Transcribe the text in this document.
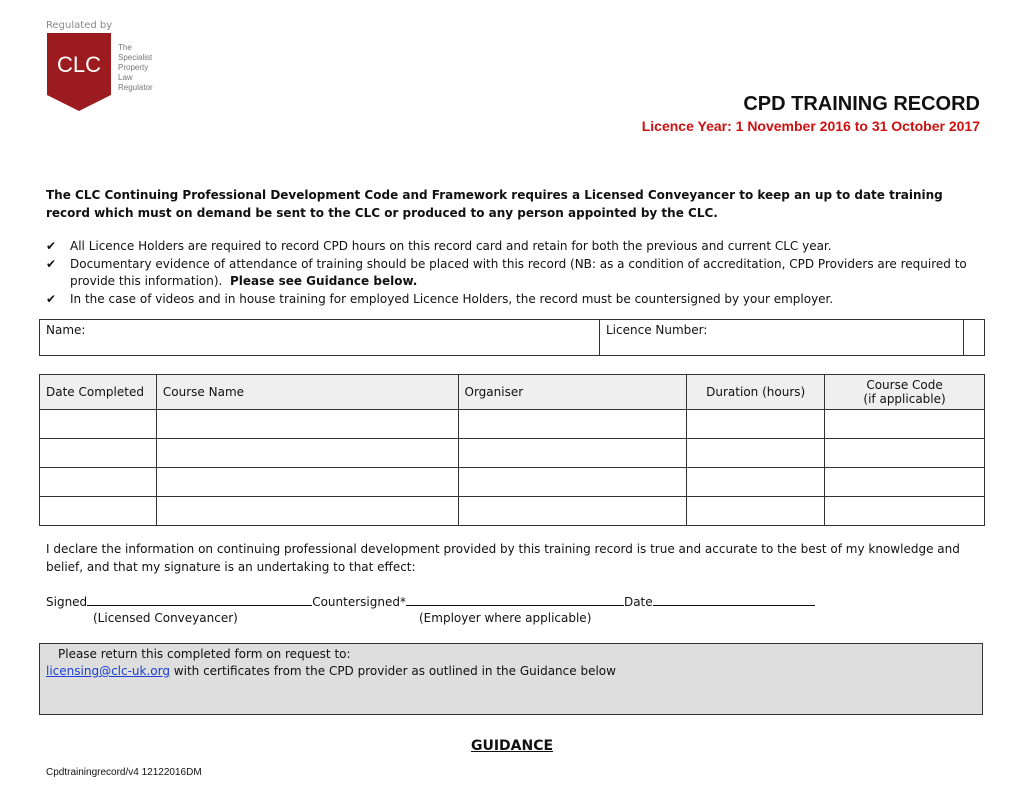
Regulated by
CLC
The
Specialist
Property
Law
Regulator
CPD TRAINING RECORD
Licence Year: 1 November 2016 to 31 October 2017
The CLC Continuing Professional Development Code and Framework requires a Licensed Conveyancer to keep an up to date training record which must on demand be sent to the CLC or produced to any person appointed by the CLC.
✔ All Licence Holders are required to record CPD hours on this record card and retain for both the previous and current CLC year.
✔ Documentary evidence of attendance of training should be placed with this record (NB: as a condition of accreditation, CPD Providers are required to provide this information). Please see Guidance below.
✔ In the case of videos and in house training for employed Licence Holders, the record must be countersigned by your employer.
Name:	Licence Number:
Date Completed	Course Name	Organiser	Duration (hours)	Course Code
(if applicable)

I declare the information on continuing professional development provided by this training record is true and accurate to the best of my knowledge and belief, and that my signature is an undertaking to that effect:
Signed	Countersigned*	Date
(Licensed Conveyancer)	(Employer where applicable)
Please return this completed form on request to:
licensing@clc-uk.org with certificates from the CPD provider as outlined in the Guidance below
GUIDANCE
Cpdtrainingrecord/v4 12122016DM
